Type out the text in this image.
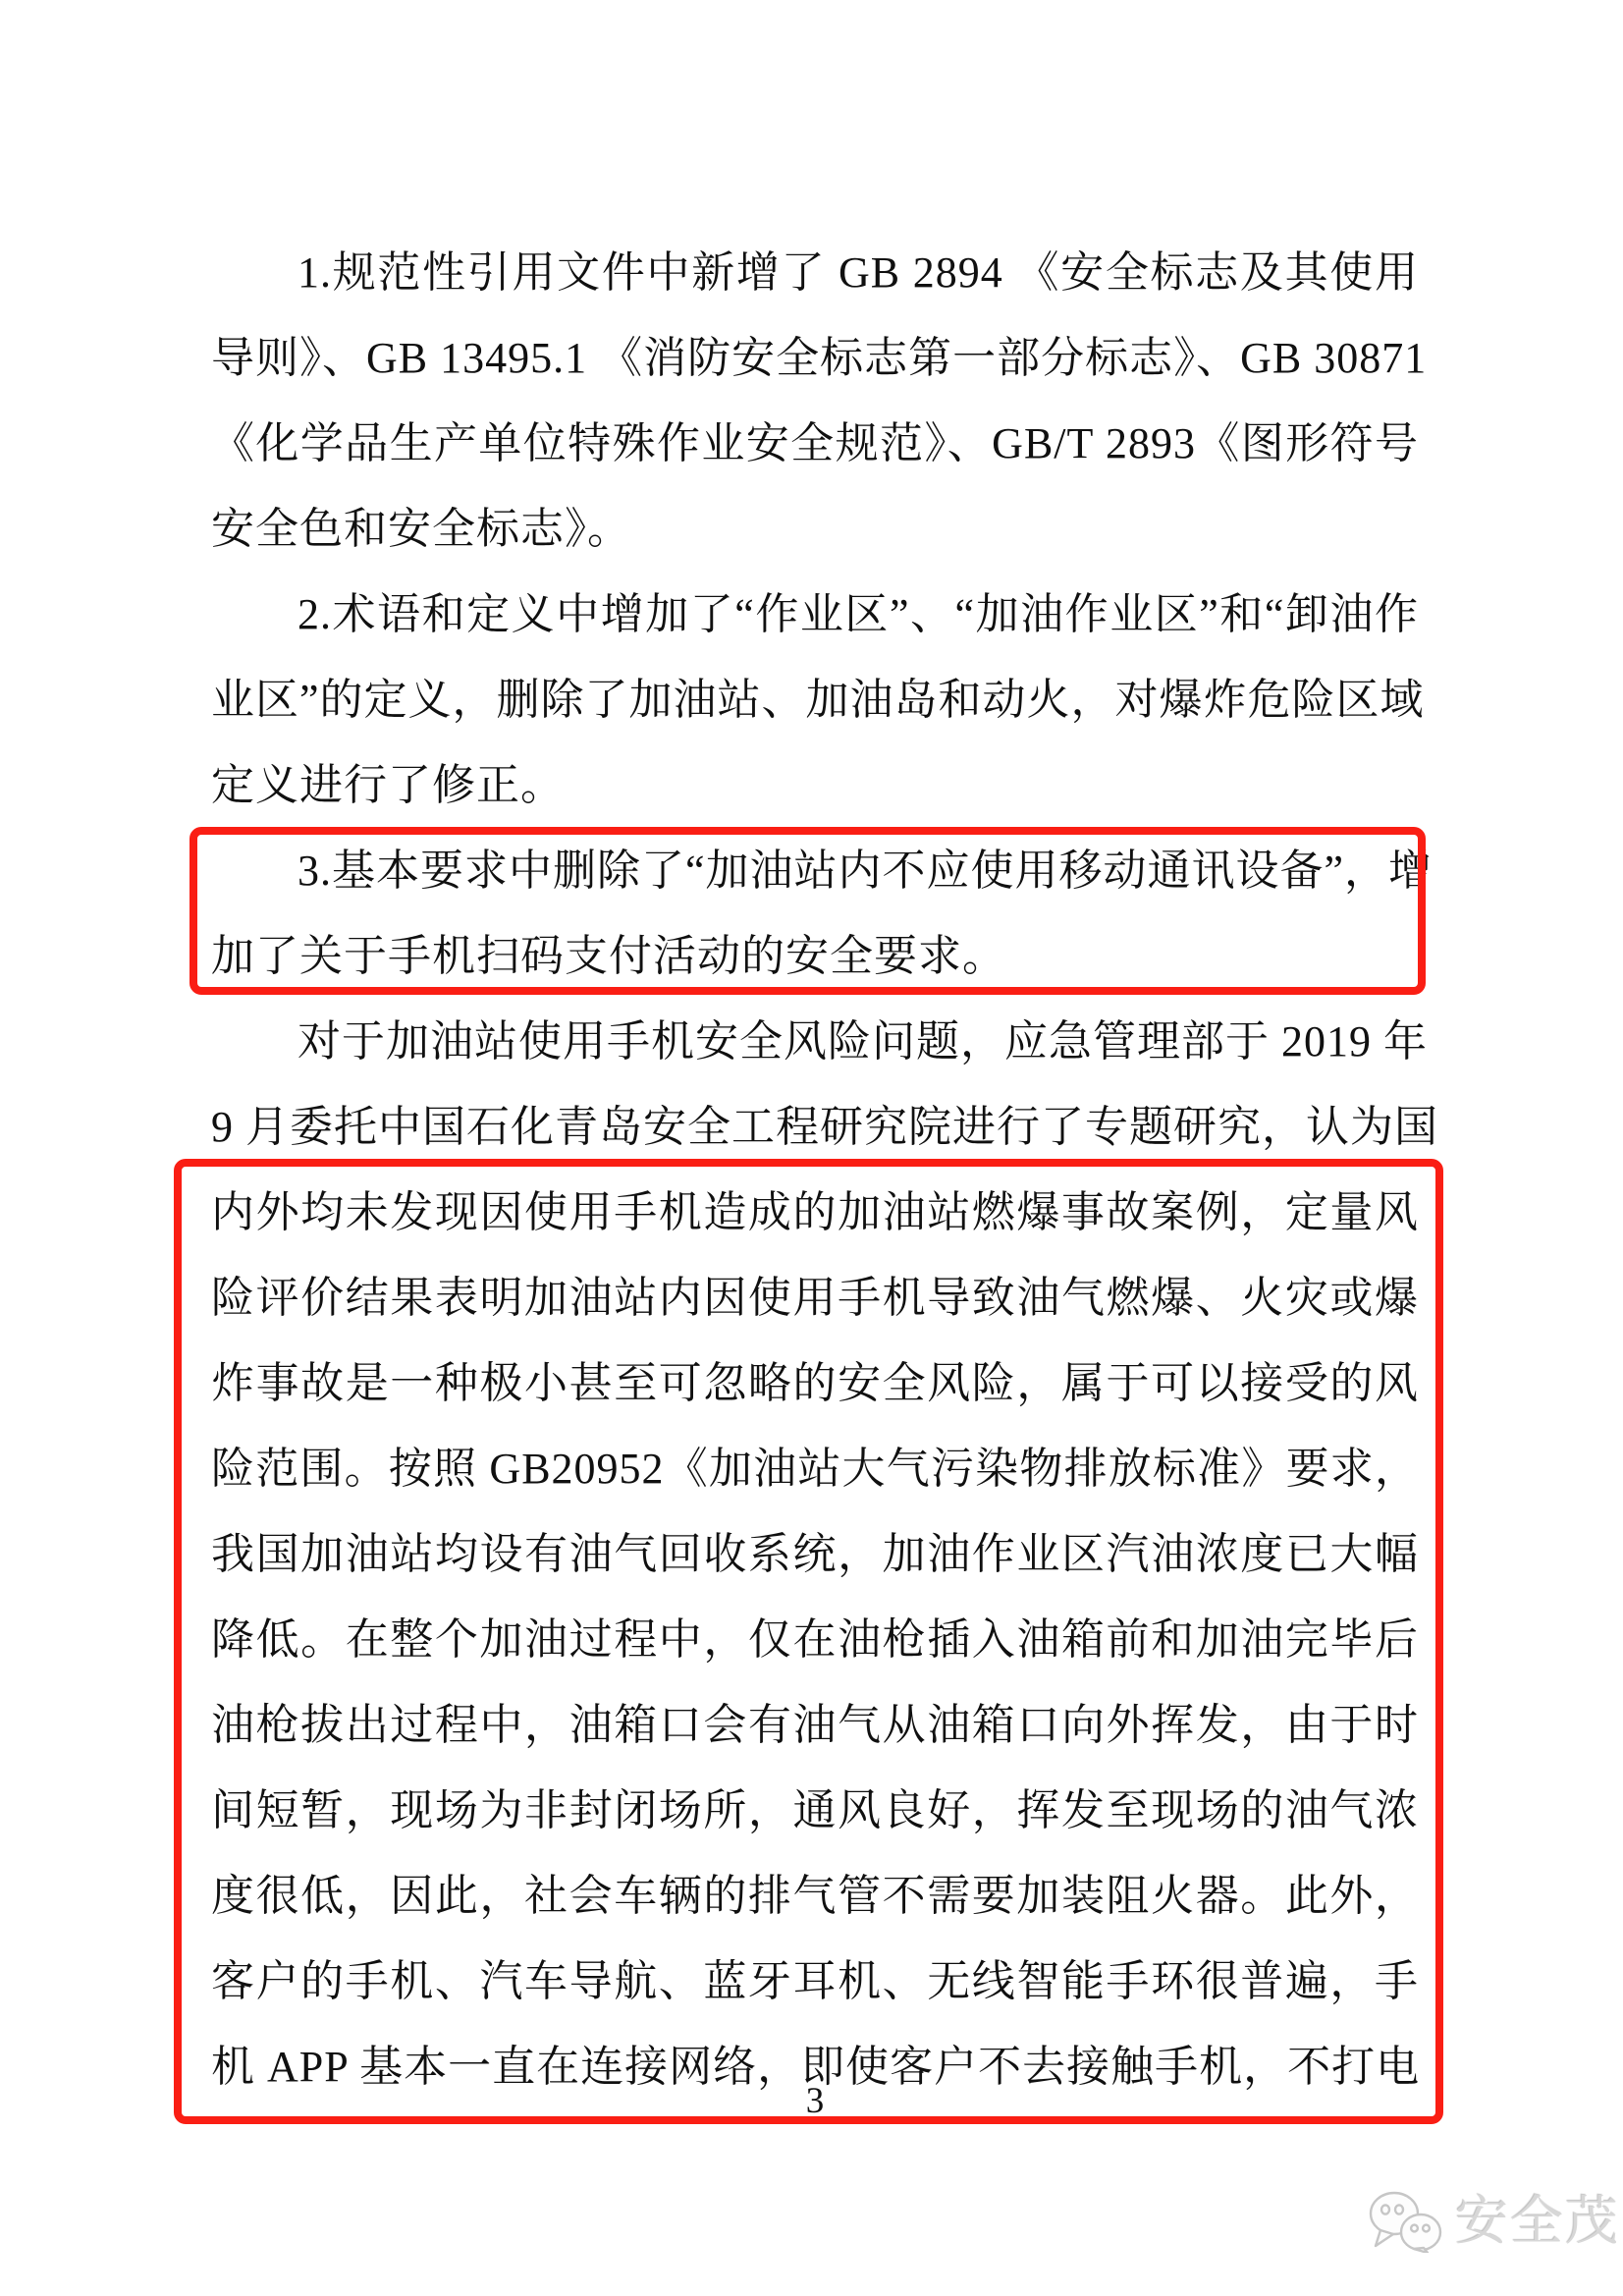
1.规范性引用文件中新增了 GB 2894 《安全标志及其使用
导则》、GB 13495.1 《消防安全标志第一部分标志》、GB 30871
《化学品生产单位特殊作业安全规范》、GB/T 2893《图形符号
安全色和安全标志》。
2.术语和定义中增加了“作业区”、“加油作业区”和“卸油作
业区”的定义，删除了加油站、加油岛和动火，对爆炸危险区域
定义进行了修正。
3.基本要求中删除了“加油站内不应使用移动通讯设备”，增
加了关于手机扫码支付活动的安全要求。
对于加油站使用手机安全风险问题，应急管理部于 2019 年
9 月委托中国石化青岛安全工程研究院进行了专题研究，认为国
内外均未发现因使用手机造成的加油站燃爆事故案例，定量风
险评价结果表明加油站内因使用手机导致油气燃爆、火灾或爆
炸事故是一种极小甚至可忽略的安全风险，属于可以接受的风
险范围。按照 GB20952《加油站大气污染物排放标准》要求，
我国加油站均设有油气回收系统，加油作业区汽油浓度已大幅
降低。在整个加油过程中，仅在油枪插入油箱前和加油完毕后
油枪拔出过程中，油箱口会有油气从油箱口向外挥发，由于时
间短暂，现场为非封闭场所，通风良好，挥发至现场的油气浓
度很低，因此，社会车辆的排气管不需要加装阻火器。此外，
客户的手机、汽车导航、蓝牙耳机、无线智能手环很普遍，手
机 APP 基本一直在连接网络，即使客户不去接触手机，不打电
3
安全茂
